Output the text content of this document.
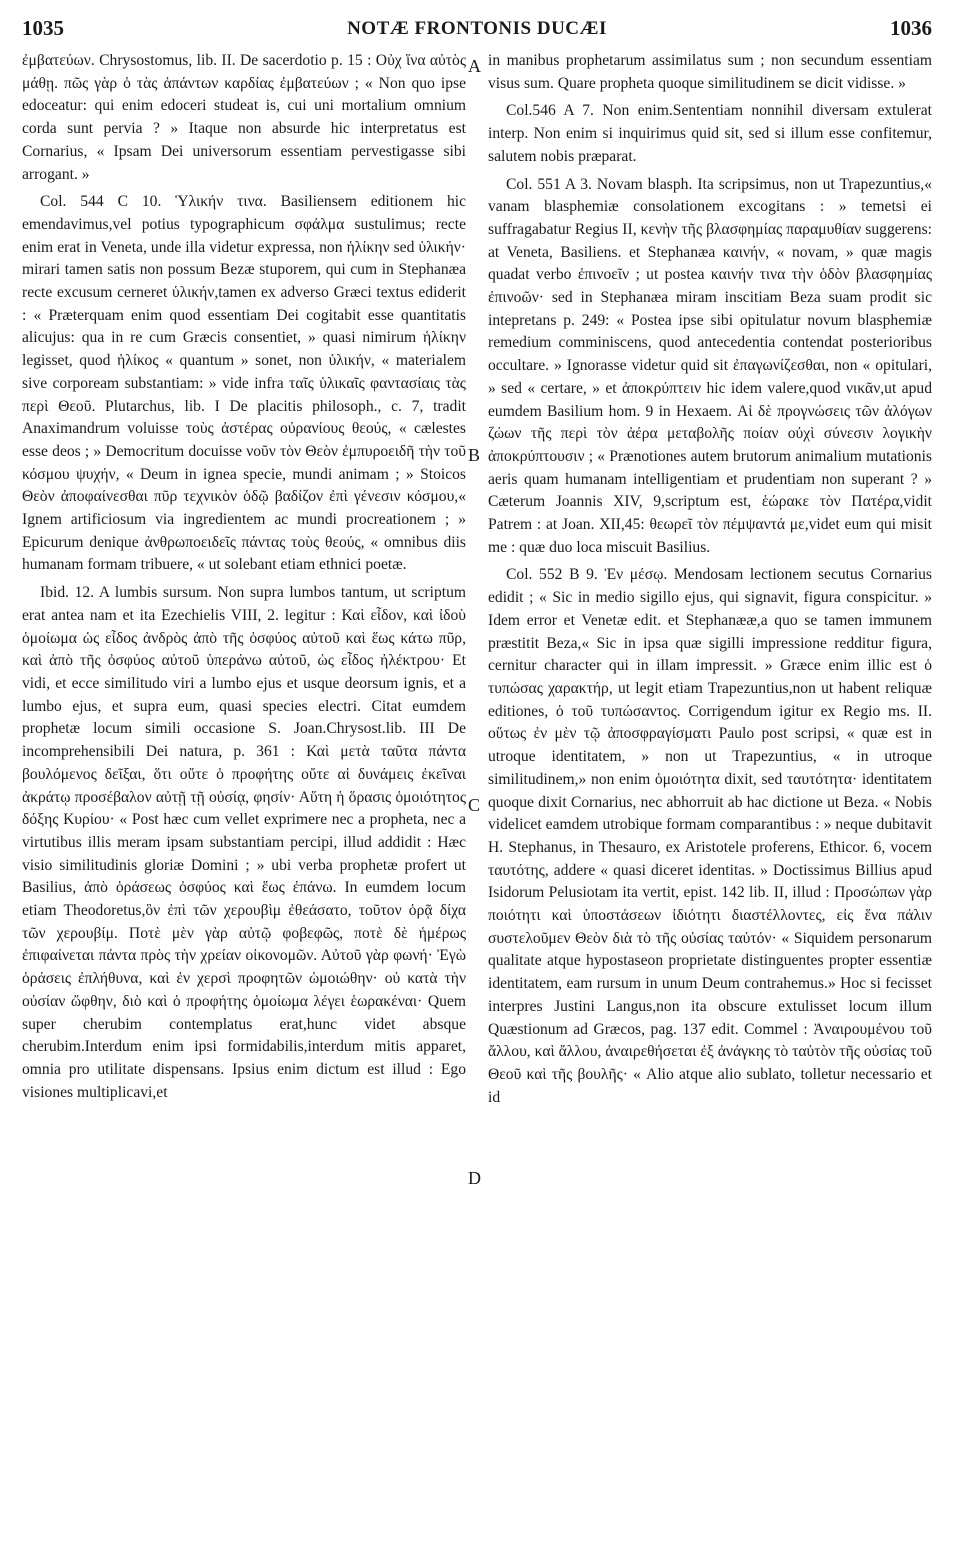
1035	NOTÆ FRONTONIS DUCÆI	1036

ἐμβατεύων. Chrysostomus, lib. II. De sacerdotio p. 15 : Οὐχ ἵνα αὐτὸς μάθῃ. πῶς γὰρ ὁ τὰς ἁπάντων καρδίας ἐμβατεύων ; « Non quo ipse edoceatur: qui enim edoceri studeat is, cui uni mortalium omnium corda sunt pervia ? » Itaque non absurde hic interpretatus est Cornarius, « Ipsam Dei universorum essentiam pervestigasse sibi arrogant. »

Col. 544 C 10. Ὑλικήν τινα. Basiliensem editionem hic emendavimus,vel potius typographicum σφάλμα sustulimus; recte enim erat in Veneta, unde illa videtur expressa, non ἡλίκην sed ὑλικήν· mirari tamen satis non possum Bezæ stuporem, qui cum in Stephanæa recte excusum cerneret ὑλικήν,tamen ex adverso Græci textus ediderit : « Præterquam enim quod essentiam Dei cogitabit esse quantitatis alicujus: qua in re cum Græcis consentiet, » quasi nimirum ἡλίκην legisset, quod ἡλίκος « quantum » sonet, non ὑλικήν, « materialem sive corpoream substantiam: » vide infra ταῖς ὑλικαῖς φαντασίαις τὰς περὶ Θεοῦ. Plutarchus, lib. I De placitis philosoph., c. 7, tradit Anaximandrum voluisse τοὺς ἀστέρας οὐρανίους θεούς, « cælestes esse deos ; » Democritum docuisse νοῦν τὸν Θεὸν ἐμπυροειδῆ τὴν τοῦ κόσμου ψυχήν, « Deum in ignea specie, mundi animam ; » Stoicos Θεὸν ἀποφαίνεσθαι πῦρ τεχνικὸν ὁδῷ βαδίζον ἐπὶ γένεσιν κόσμου,« Ignem artificiosum via ingredientem ac mundi procreationem ; » Epicurum denique ἀνθρωποειδεῖς πάντας τοὺς θεούς, « omnibus diis humanam formam tribuere, « ut solebant etiam ethnici poetæ.

Ibid. 12. A lumbis sursum. Non supra lumbos tantum, ut scriptum erat antea nam et ita Ezechielis VIII, 2. legitur : Καὶ εἶδον, καὶ ἰδοὺ ὁμοίωμα ὡς εἶδος ἀνδρὸς ἀπὸ τῆς ὀσφύος αὐτοῦ καὶ ἕως κάτω πῦρ, καὶ ἀπὸ τῆς ὀσφύος αὐτοῦ ὑπεράνω αὐτοῦ, ὡς εἶδος ἠλέκτρου· Et vidi, et ecce similitudo viri a lumbo ejus et usque deorsum ignis, et a lumbo ejus, et supra eum, quasi species electri. Citat eumdem prophetæ locum simili occasione S. Joan.Chrysost.lib. III De incomprehensibili Dei natura, p. 361 : Καὶ μετὰ ταῦτα πάντα βουλόμενος δεῖξαι, ὅτι οὔτε ὁ προφήτης οὔτε αἱ δυνάμεις ἐκεῖναι ἀκράτῳ προσέβαλον αὐτῇ τῇ οὐσίᾳ, φησίν· Αὕτη ἡ ὅρασις ὁμοιότητος δόξης Κυρίου· « Post hæc cum vellet exprimere nec a propheta, nec a virtutibus illis meram ipsam substantiam percipi, illud addidit : Hæc visio similitudinis gloriæ Domini ; » ubi verba prophetæ profert ut Basilius, ἀπὸ ὁράσεως ὀσφύος καὶ ἕως ἐπάνω. In eumdem locum etiam Theodoretus,ὃν ἐπὶ τῶν χερουβὶμ ἐθεάσατο, τοῦτον ὁρᾷ δίχα τῶν χερουβίμ. Ποτὲ μὲν γὰρ αὐτῷ φοβεφῶς, ποτὲ δὲ ἡμέρως ἐπιφαίνεται πάντα πρὸς τὴν χρείαν οἰκονομῶν. Αὐτοῦ γὰρ φωνή· Ἐγὼ ὁράσεις ἐπλήθυνα, καὶ ἐν χερσὶ προφητῶν ὡμοιώθην· οὐ κατὰ τὴν οὐσίαν ὤφθην, διὸ καὶ ὁ προφήτης ὁμοίωμα λέγει ἑωρακέναι· Quem super cherubim contemplatus erat,hunc videt absque cherubim.Interdum enim ipsi formidabilis,interdum mitis apparet, omnia pro utilitate dispensans. Ipsius enim dictum est illud : Ego visiones multiplicavi,et

in manibus prophetarum assimilatus sum ; non secundum essentiam visus sum. Quare propheta quoque similitudinem se dicit vidisse. »

Col.546 A 7. Non enim.Sententiam nonnihil diversam extulerat interp. Non enim si inquirimus quid sit, sed si illum esse confitemur, salutem nobis præparat.

Col. 551 A 3. Novam blasph. Ita scripsimus, non ut Trapezuntius,« vanam blasphemiæ consolationem excogitans : » temetsi ei suffragabatur Regius II, κενὴν τῆς βλασφημίας παραμυθίαν suggerens: at Veneta, Basiliens. et Stephanæa καινήν, « novam, » quæ magis quadat verbo ἐπινοεῖν ; ut postea καινήν τινα τὴν ὁδὸν βλασφημίας ἐπινοῶν· sed in Stephanæa miram inscitiam Beza suam prodit sic intepretans p. 249: « Postea ipse sibi opitulatur novum blasphemiæ remedium comminiscens, quod antecedentia contendat posterioribus occultare. » Ignorasse videtur quid sit ἐπαγωνίζεσθαι, non « opitulari, » sed « certare, » et ἀποκρύπτειν hic idem valere,quod νικᾶν,ut apud eumdem Basilium hom. 9 in Hexaem. Αἱ δὲ προγνώσεις τῶν ἀλόγων ζώων τῆς περὶ τὸν ἀέρα μεταβολῆς ποίαν οὐχὶ σύνεσιν λογικὴν ἀποκρύπτουσιν ; « Prænotiones autem brutorum animalium mutationis aeris quam humanam intelligentiam et prudentiam non superant ? » Cæterum Joannis XIV, 9,scriptum est, ἑώρακε τὸν Πατέρα,vidit Patrem : at Joan. XII,45: θεωρεῖ τὸν πέμψαντά με,videt eum qui misit me : quæ duo loca miscuit Basilius.

Col. 552 B 9. Ἐν μέσῳ. Mendosam lectionem secutus Cornarius edidit ; « Sic in medio sigillo ejus, qui signavit, figura conspicitur. » Idem error et Venetæ edit. et Stephanææ,a quo se tamen immunem præstitit Beza,« Sic in ipsa quæ sigilli impressione redditur figura, cernitur character qui in illam impressit. » Græce enim illic est ὁ τυπώσας χαρακτήρ, ut legit etiam Trapezuntius,non ut habent reliquæ editiones, ὁ τοῦ τυπώσαντος. Corrigendum igitur ex Regio ms. II. οὕτως ἐν μὲν τῷ ἀποσφραγίσματι Paulo post scripsi, « quæ est in utroque identitatem, » non ut Trapezuntius, « in utroque similitudinem,» non enim ὁμοιότητα dixit, sed ταυτότητα· identitatem quoque dixit Cornarius, nec abhorruit ab hac dictione ut Beza. « Nobis videlicet eamdem utrobique formam comparantibus : » neque dubitavit H. Stephanus, in Thesauro, ex Aristotele proferens, Ethicor. 6, vocem ταυτότης, addere « quasi diceret identitas. » Doctissimus Billius apud Isidorum Pelusiotam ita vertit, epist. 142 lib. II, illud : Προσώπων γὰρ ποιότητι καὶ ὑποστάσεων ἰδιότητι διαστέλλοντες, εἰς ἕνα πάλιν συστελοῦμεν Θεὸν διὰ τὸ τῆς οὐσίας ταὐτόν· « Siquidem personarum qualitate atque hypostaseon proprietate distinguentes propter essentiæ identitatem, eam rursum in unum Deum contrahemus.» Hoc si fecisset interpres Justini Langus,non ita obscure extulisset locum illum Quæstionum ad Græcos, pag. 137 edit. Commel : Ἀναιρουμένου τοῦ ἄλλου, καὶ ἄλλου, ἀναιρεθήσεται ἐξ ἀνάγκης τὸ ταὐτὸν τῆς οὐσίας τοῦ Θεοῦ καὶ τῆς βουλῆς· « Alio atque alio sublato, tolletur necessario et id

A
B
C
D
